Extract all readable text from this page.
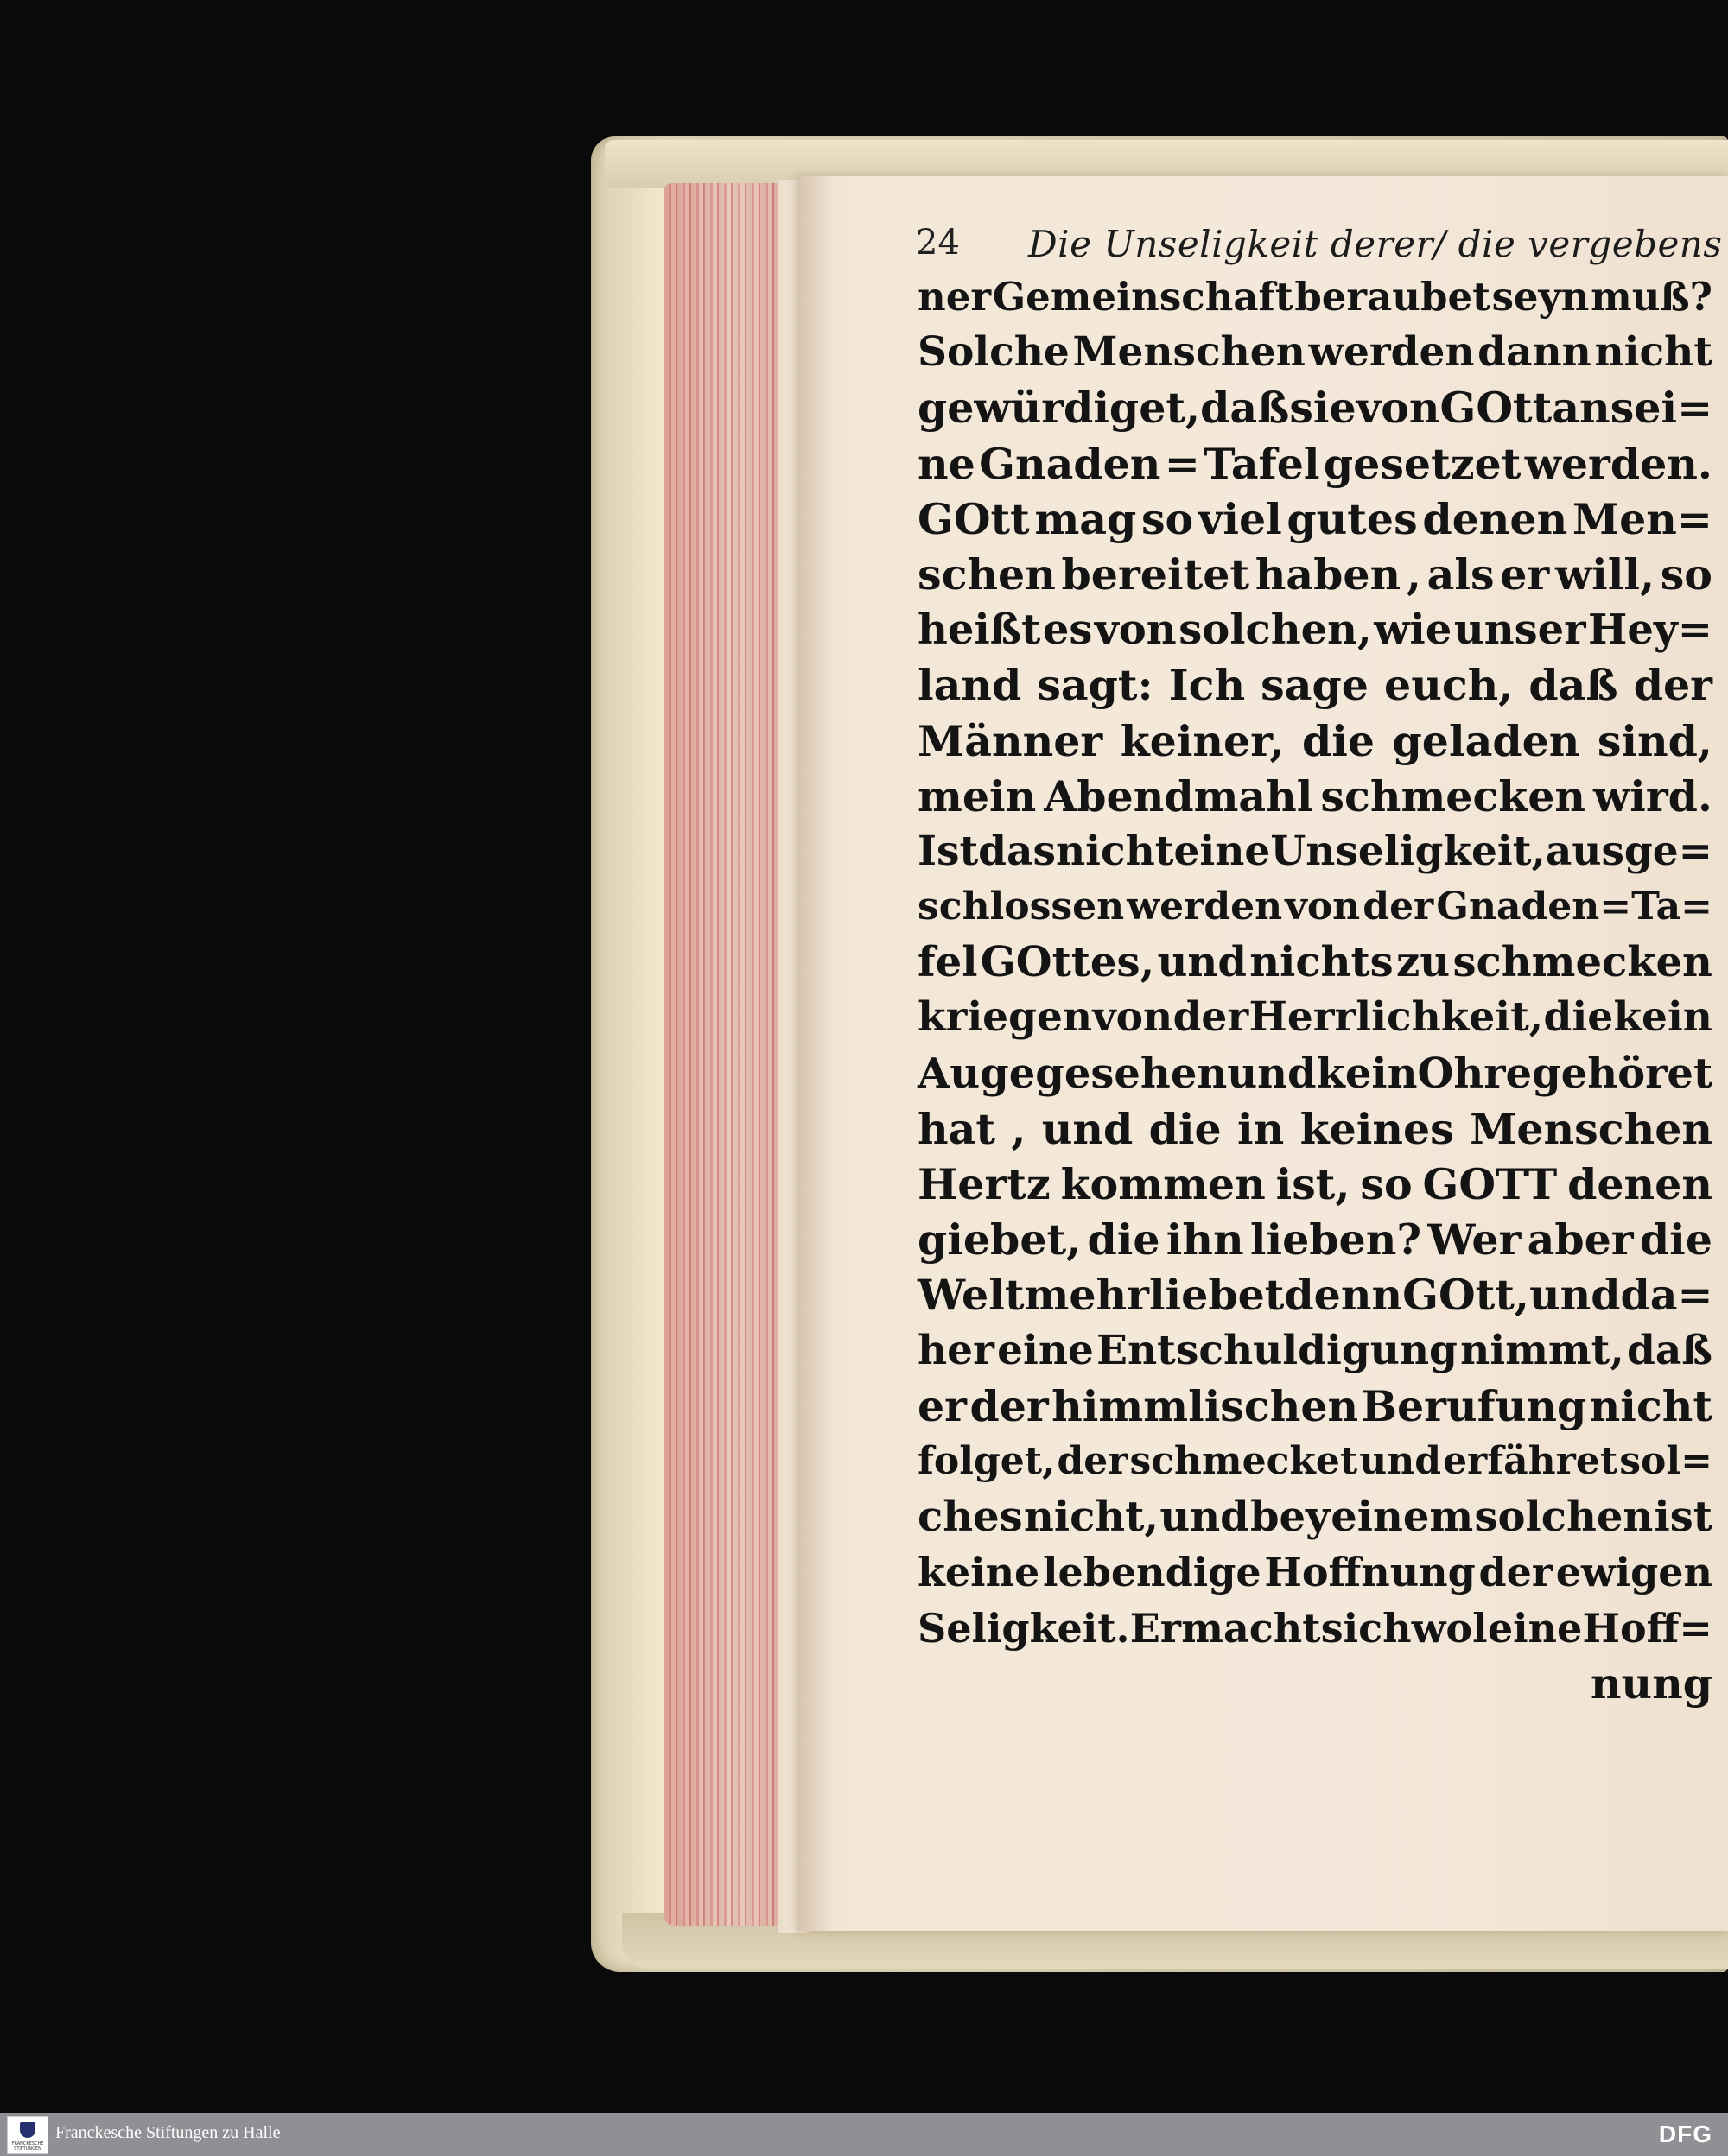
24 Die Unseligkeit derer/ die vergebens
ner Gemeinschaft beraubet seyn muß?
Solche Menschen werden dann nicht
gewürdiget, daß sie von GOtt an sei=
ne Gnaden = Tafel gesetzet werden.
GOtt mag so viel gutes denen Men=
schen bereitet haben , als er will, so
heißt es von solchen, wie unser Hey=
land sagt: Ich sage euch, daß der
Männer keiner, die geladen sind,
mein Abendmahl schmecken wird.
Ist das nicht eine Unseligkeit, ausge=
schlossen werden von der Gnaden=Ta=
fel GOttes, und nichts zu schmecken
kriegen von der Herrlichkeit, die kein
Auge gesehen und kein Ohre gehöret
hat , und die in keines Menschen
Hertz kommen ist, so GOTT denen
giebet, die ihn lieben? Wer aber die
Welt mehr liebet denn GOtt, und da=
her eine Entschuldigung nimmt, daß
er der himmlischen Berufung nicht
folget, der schmecket und erfähret sol=
ches nicht, und bey einem solchen ist
keine lebendige Hoffnung der ewigen
Seligkeit. Er macht sich wol eine Hoff=
nung
FRANCKESCHE STIFTUNGEN
Franckesche Stiftungen zu Halle	DFG
